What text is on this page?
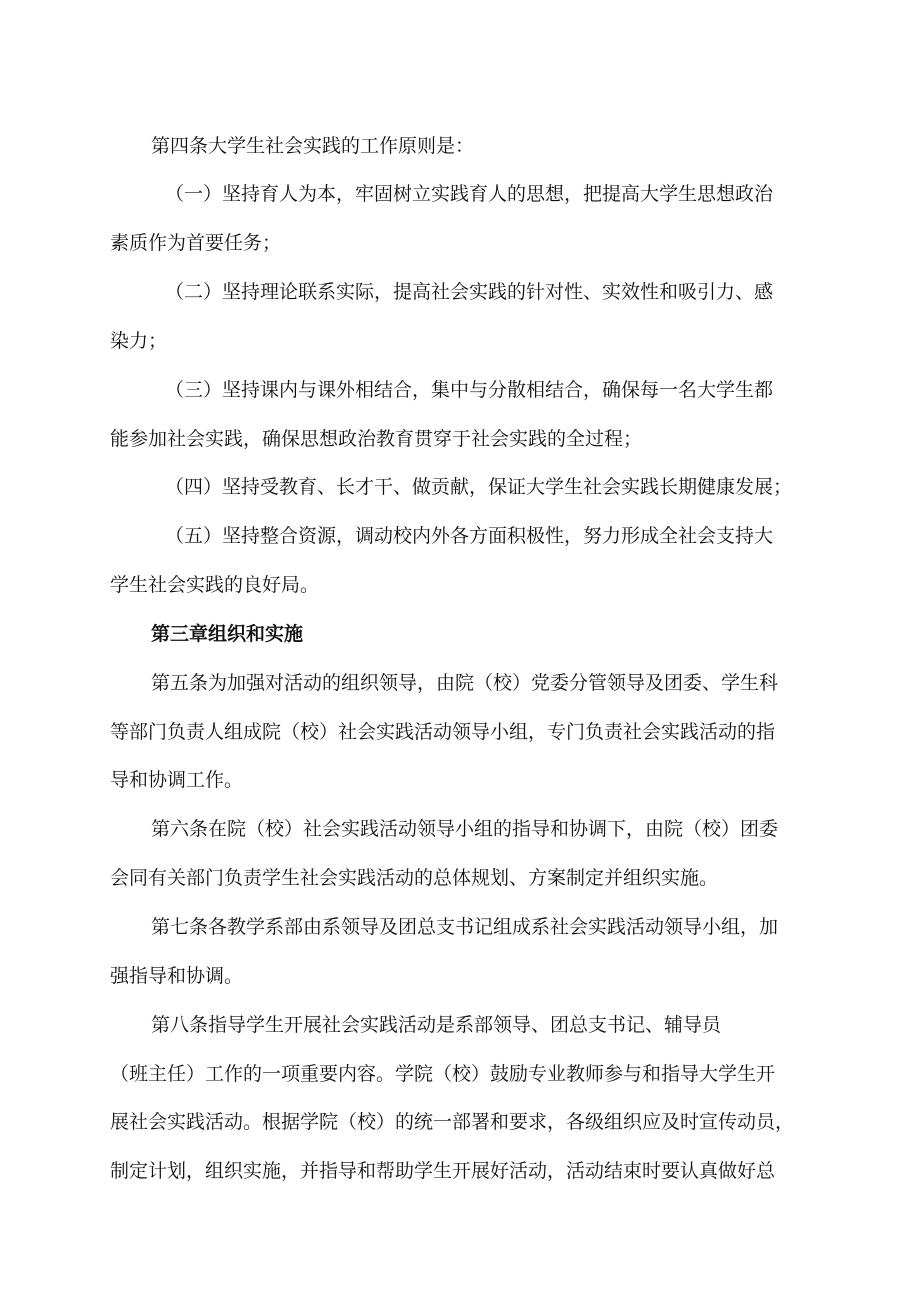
第四条大学生社会实践的工作原则是：

（一）坚持育人为本，牢固树立实践育人的思想，把提高大学生思想政治

素质作为首要任务；

（二）坚持理论联系实际，提高社会实践的针对性、实效性和吸引力、感

染力；

（三）坚持课内与课外相结合，集中与分散相结合，确保每一名大学生都

能参加社会实践，确保思想政治教育贯穿于社会实践的全过程；

（四）坚持受教育、长才干、做贡献，保证大学生社会实践长期健康发展；

（五）坚持整合资源，调动校内外各方面积极性，努力形成全社会支持大

学生社会实践的良好局。

第三章组织和实施

第五条为加强对活动的组织领导，由院（校）党委分管领导及团委、学生科

等部门负责人组成院（校）社会实践活动领导小组，专门负责社会实践活动的指

导和协调工作。

第六条在院（校）社会实践活动领导小组的指导和协调下，由院（校）团委

会同有关部门负责学生社会实践活动的总体规划、方案制定并组织实施。

第七条各教学系部由系领导及团总支书记组成系社会实践活动领导小组，加

强指导和协调。

第八条指导学生开展社会实践活动是系部领导、团总支书记、辅导员

（班主任）工作的一项重要内容。学院（校）鼓励专业教师参与和指导大学生开

展社会实践活动。根据学院（校）的统一部署和要求，各级组织应及时宣传动员，

制定计划，组织实施，并指导和帮助学生开展好活动，活动结束时要认真做好总
